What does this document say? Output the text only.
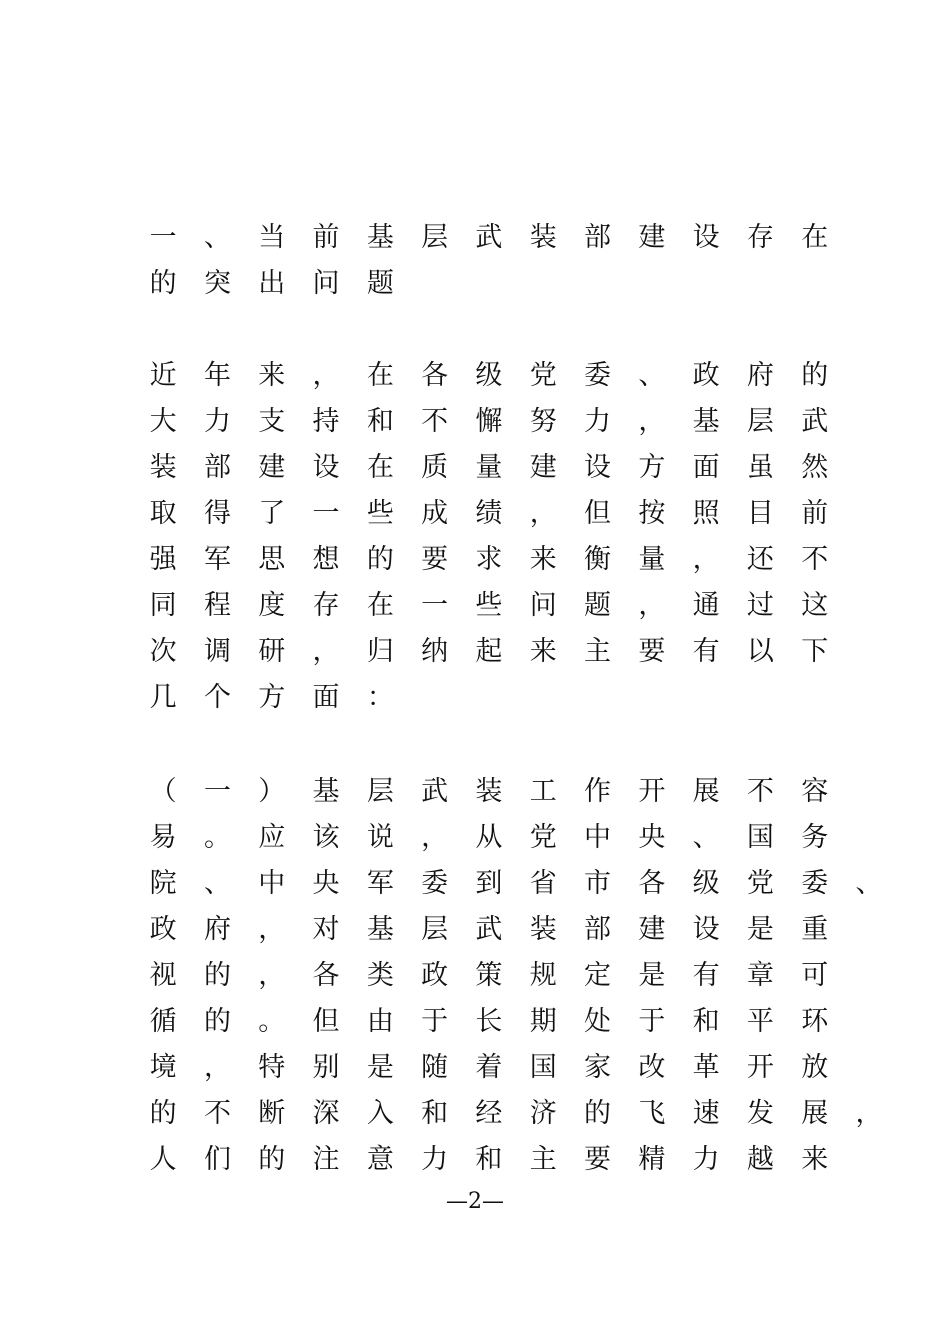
一 、 当 前 基 层 武 装 部 建 设 存 在
的 突 出 问 题
近 年 来 ， 在 各 级 党 委 、 政 府 的
大 力 支 持 和 不 懈 努 力 ， 基 层 武
装 部 建 设 在 质 量 建 设 方 面 虽 然
取 得 了 一 些 成 绩 ， 但 按 照 目 前
强 军 思 想 的 要 求 来 衡 量 ， 还 不
同 程 度 存 在 一 些 问 题 ， 通 过 这
次 调 研 ， 归 纳 起 来 主 要 有 以 下
几 个 方 面 ：
（ 一 ） 基 层 武 装 工 作 开 展 不 容
易 。 应 该 说 ， 从 党 中 央 、 国 务
院 、 中 央 军 委 到 省 市 各 级 党 委 、
政 府 ， 对 基 层 武 装 部 建 设 是 重
视 的 ， 各 类 政 策 规 定 是 有 章 可
循 的 。 但 由 于 长 期 处 于 和 平 环
境 ， 特 别 是 随 着 国 家 改 革 开 放
的 不 断 深 入 和 经 济 的 飞 速 发 展 ，
人 们 的 注 意 力 和 主 要 精 力 越 来
—2—
